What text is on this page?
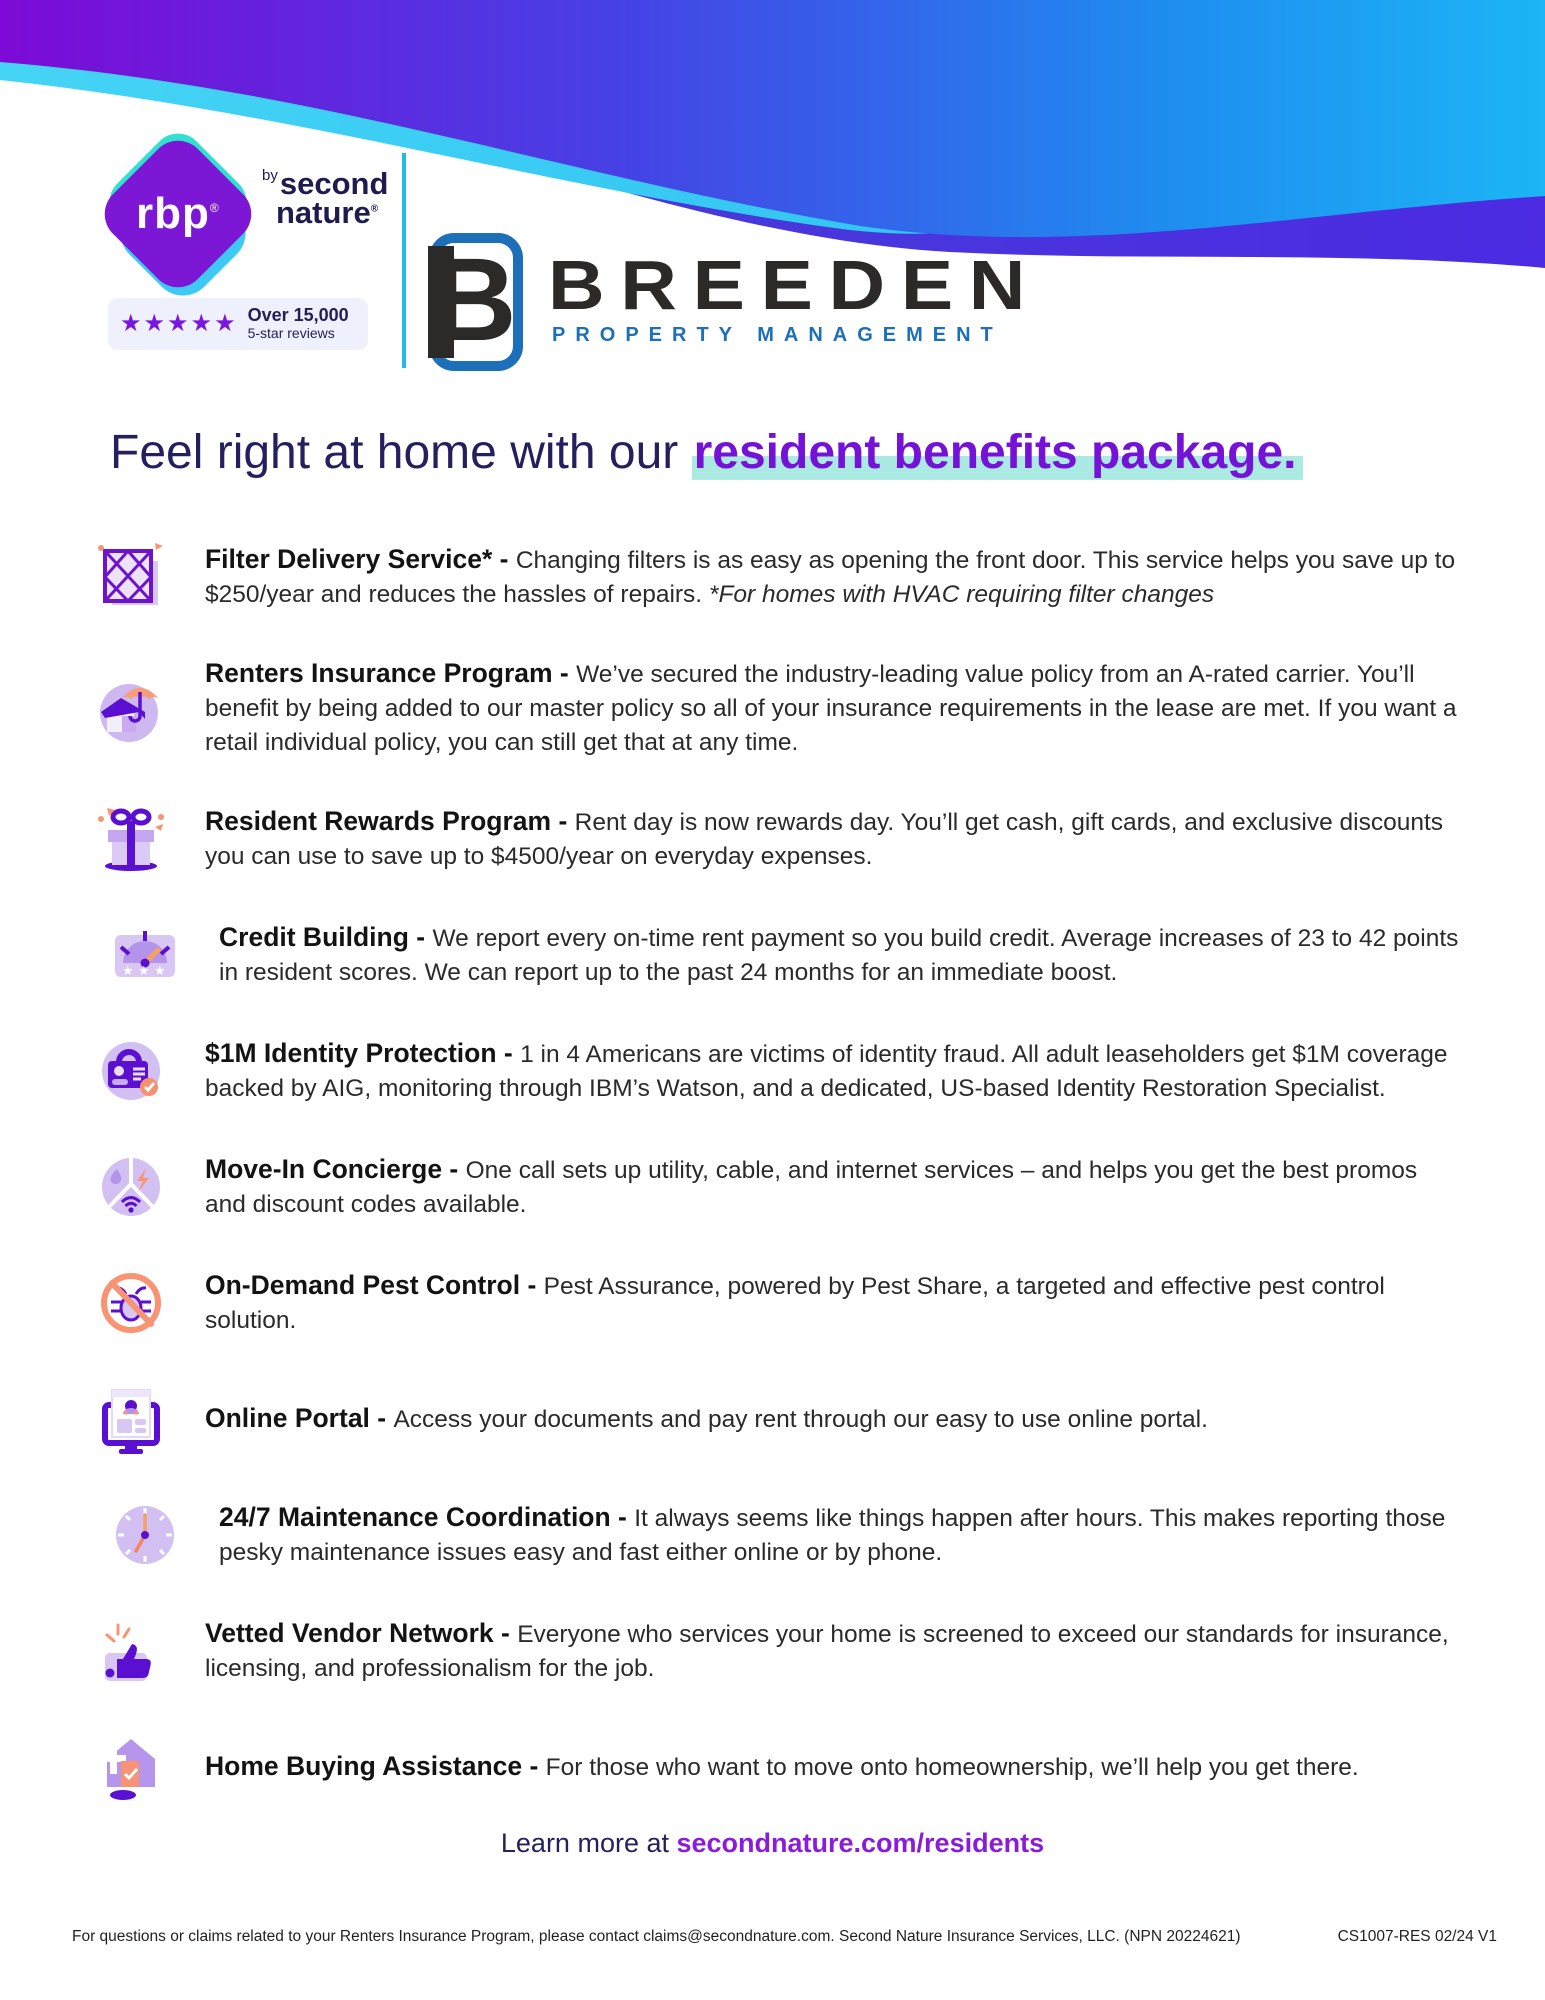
rbp®
$^{by}$second
nature®
★★★★★ Over 15,000
5-star reviews B BREEDEN
PROPERTY MANAGEMENT
Feel right at home with our resident benefits package.

Filter Delivery Service* - Changing filters is as easy as opening the front door. This service helps you save up to $250/year and reduces the hassles of repairs. *For homes with HVAC requiring filter changes

Renters Insurance Program - We’ve secured the industry-leading value policy from an A-rated carrier. You’ll benefit by being added to our master policy so all of your insurance requirements in the lease are met. If you want a retail individual policy, you can still get that at any time.

Resident Rewards Program - Rent day is now rewards day. You’ll get cash, gift cards, and exclusive discounts you can use to save up to $4500/year on everyday expenses.

★ ★ ★

Credit Building - We report every on-time rent payment so you build credit. Average increases of 23 to 42 points in resident scores. We can report up to the past 24 months for an immediate boost.

$1M Identity Protection - 1 in 4 Americans are victims of identity fraud. All adult leaseholders get $1M coverage backed by AIG, monitoring through IBM’s Watson, and a dedicated, US-based Identity Restoration Specialist.

Move-In Concierge - One call sets up utility, cable, and internet services – and helps you get the best promos and discount codes available.

On-Demand Pest Control - Pest Assurance, powered by Pest Share, a targeted and effective pest control solution.

Online Portal - Access your documents and pay rent through our easy to use online portal.

24/7 Maintenance Coordination - It always seems like things happen after hours. This makes reporting those pesky maintenance issues easy and fast either online or by phone.

Vetted Vendor Network - Everyone who services your home is screened to exceed our standards for insurance, licensing, and professionalism for the job.

Home Buying Assistance - For those who want to move onto homeownership, we’ll help you get there.

Learn more at secondnature.com/residents
For questions or claims related to your Renters Insurance Program, please contact claims@secondnature.com. Second Nature Insurance Services, LLC. (NPN 20224621)	CS1007-RES 02/24 V1
